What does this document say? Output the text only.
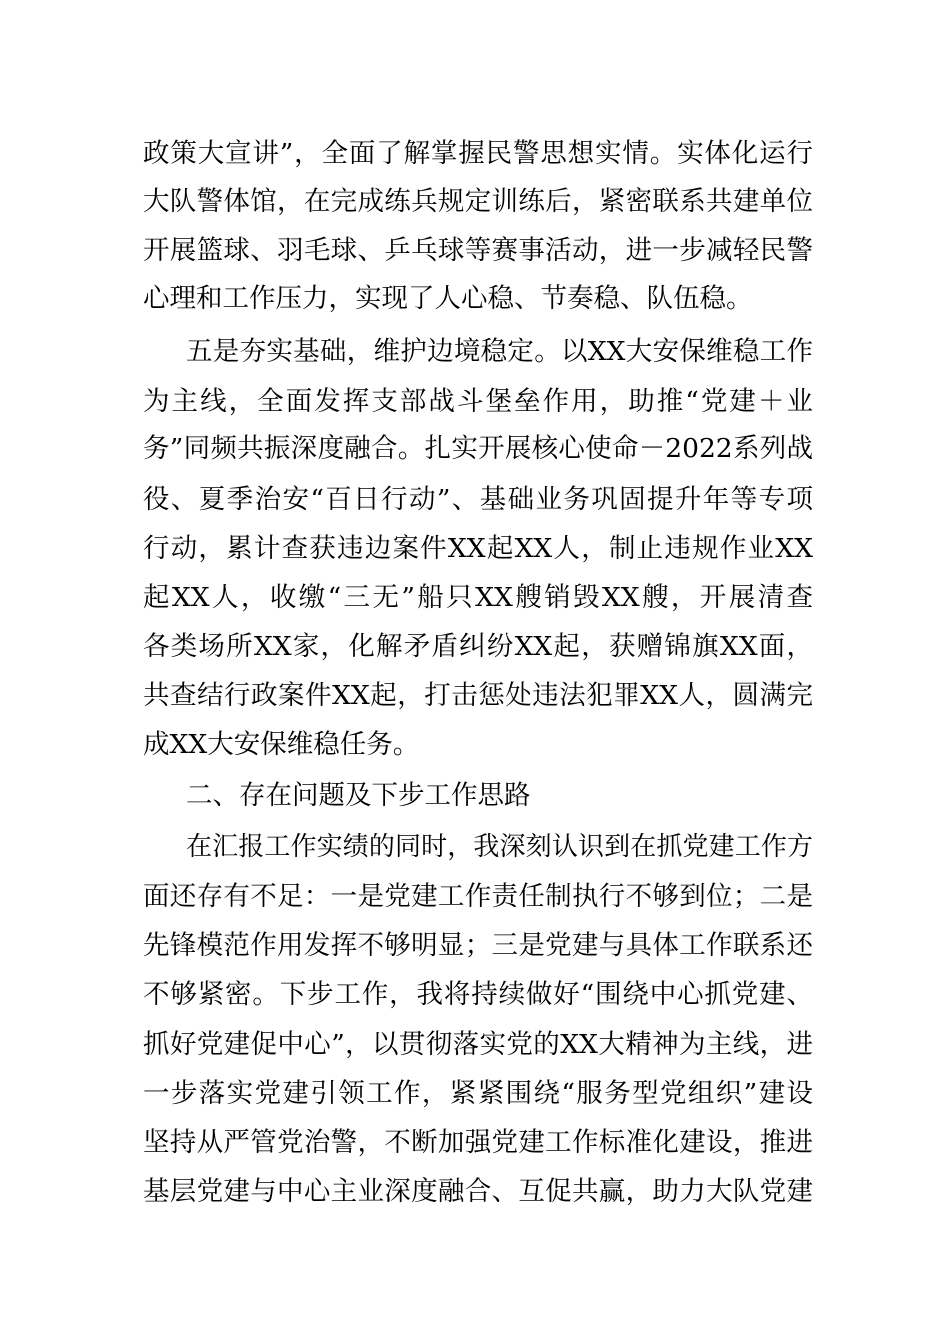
政策大宣讲”，全面了解掌握民警思想实情。实体化运行
大队警体馆，在完成练兵规定训练后，紧密联系共建单位
开展篮球、羽毛球、乒乓球等赛事活动，进一步减轻民警
心理和工作压力，实现了人心稳、节奏稳、队伍稳。
五是夯实基础，维护边境稳定。以XX大安保维稳工作
为主线，全面发挥支部战斗堡垒作用，助推“党建＋业
务”同频共振深度融合。扎实开展核心使命－2022系列战
役、夏季治安“百日行动”、基础业务巩固提升年等专项
行动，累计查获违边案件XX起XX人，制止违规作业XX
起XX人，收缴“三无”船只XX艘销毁XX艘，开展清查
各类场所XX家，化解矛盾纠纷XX起，获赠锦旗XX面，
共查结行政案件XX起，打击惩处违法犯罪XX人，圆满完
成XX大安保维稳任务。
二、存在问题及下步工作思路
在汇报工作实绩的同时，我深刻认识到在抓党建工作方
面还存有不足：一是党建工作责任制执行不够到位；二是
先锋模范作用发挥不够明显；三是党建与具体工作联系还
不够紧密。下步工作，我将持续做好“围绕中心抓党建、
抓好党建促中心”，以贯彻落实党的XX大精神为主线，进
一步落实党建引领工作，紧紧围绕“服务型党组织”建设
坚持从严管党治警，不断加强党建工作标准化建设，推进
基层党建与中心主业深度融合、互促共赢，助力大队党建
